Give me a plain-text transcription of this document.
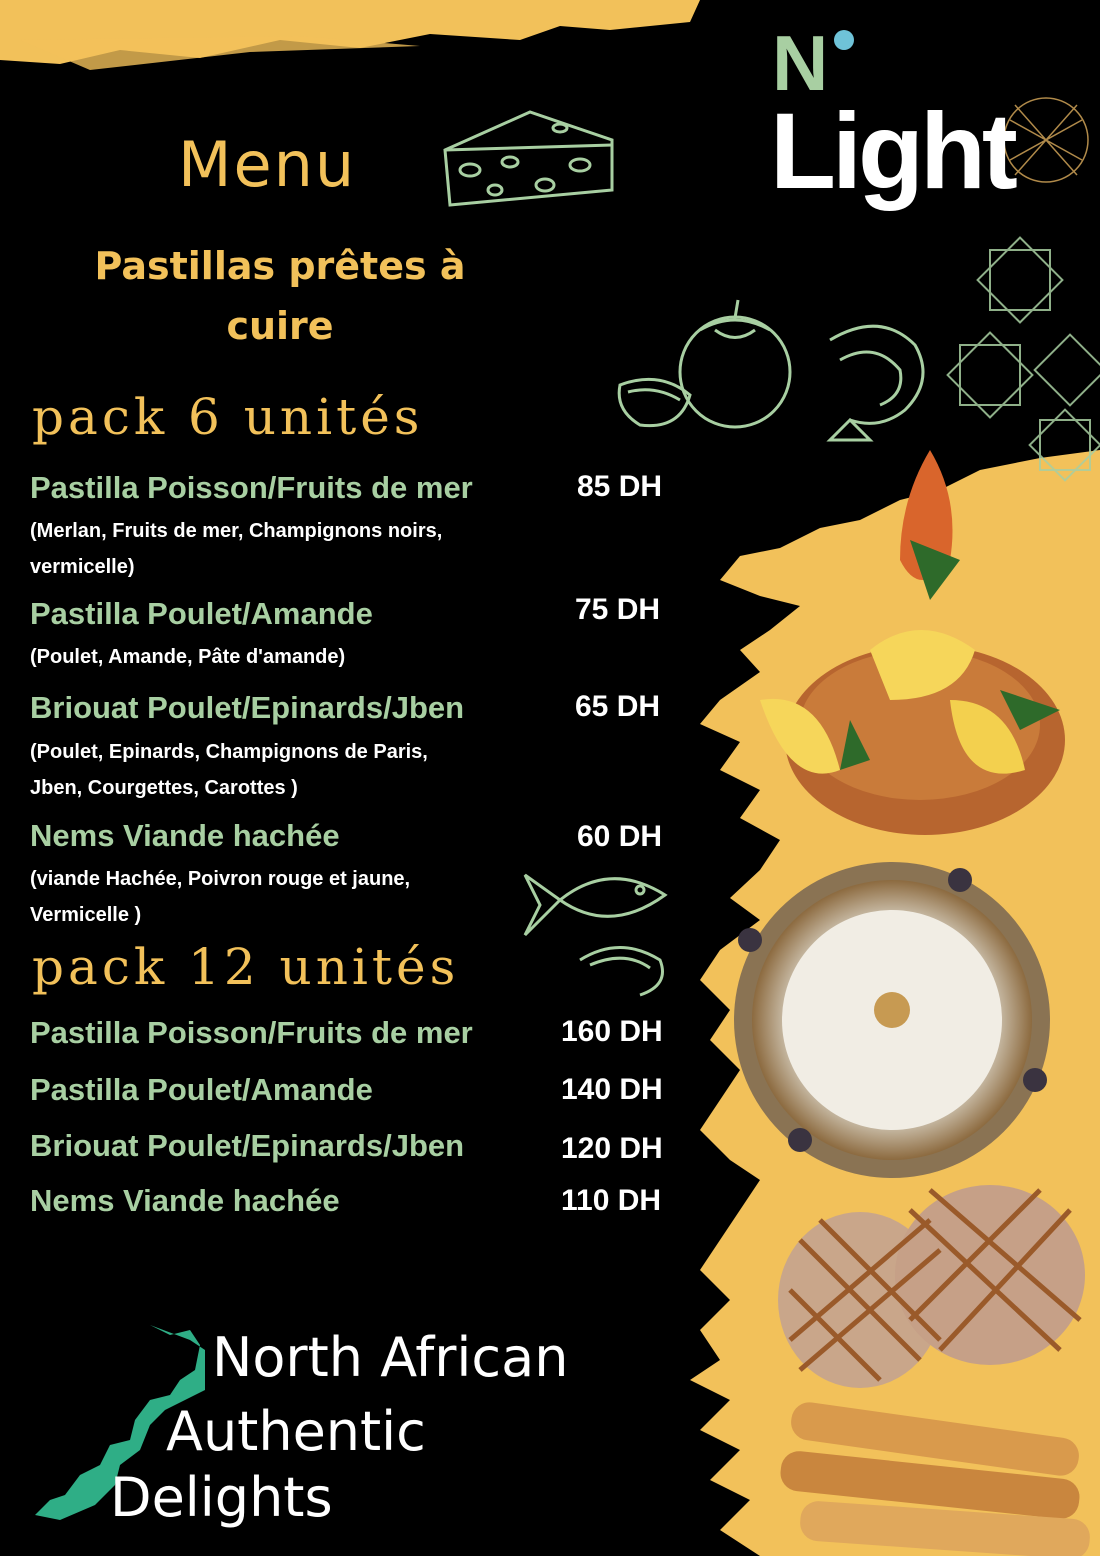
N
Light
Menu
Pastillas prêtes à
cuire
pack 6 unités
Pastilla Poisson/Fruits de mer	85 DH
(Merlan, Fruits de mer, Champignons noirs,
vermicelle)
Pastilla Poulet/Amande	75 DH
(Poulet, Amande, Pâte d'amande)
Briouat Poulet/Epinards/Jben	65 DH
(Poulet, Epinards, Champignons de Paris,
Jben, Courgettes, Carottes )
Nems Viande hachée	60 DH
(viande Hachée, Poivron rouge et jaune,
Vermicelle )
pack 12 unités
Pastilla Poisson/Fruits de mer	160 DH
Pastilla Poulet/Amande	140 DH
Briouat Poulet/Epinards/Jben	120 DH
Nems Viande hachée	110 DH
North African
Authentic
Delights
